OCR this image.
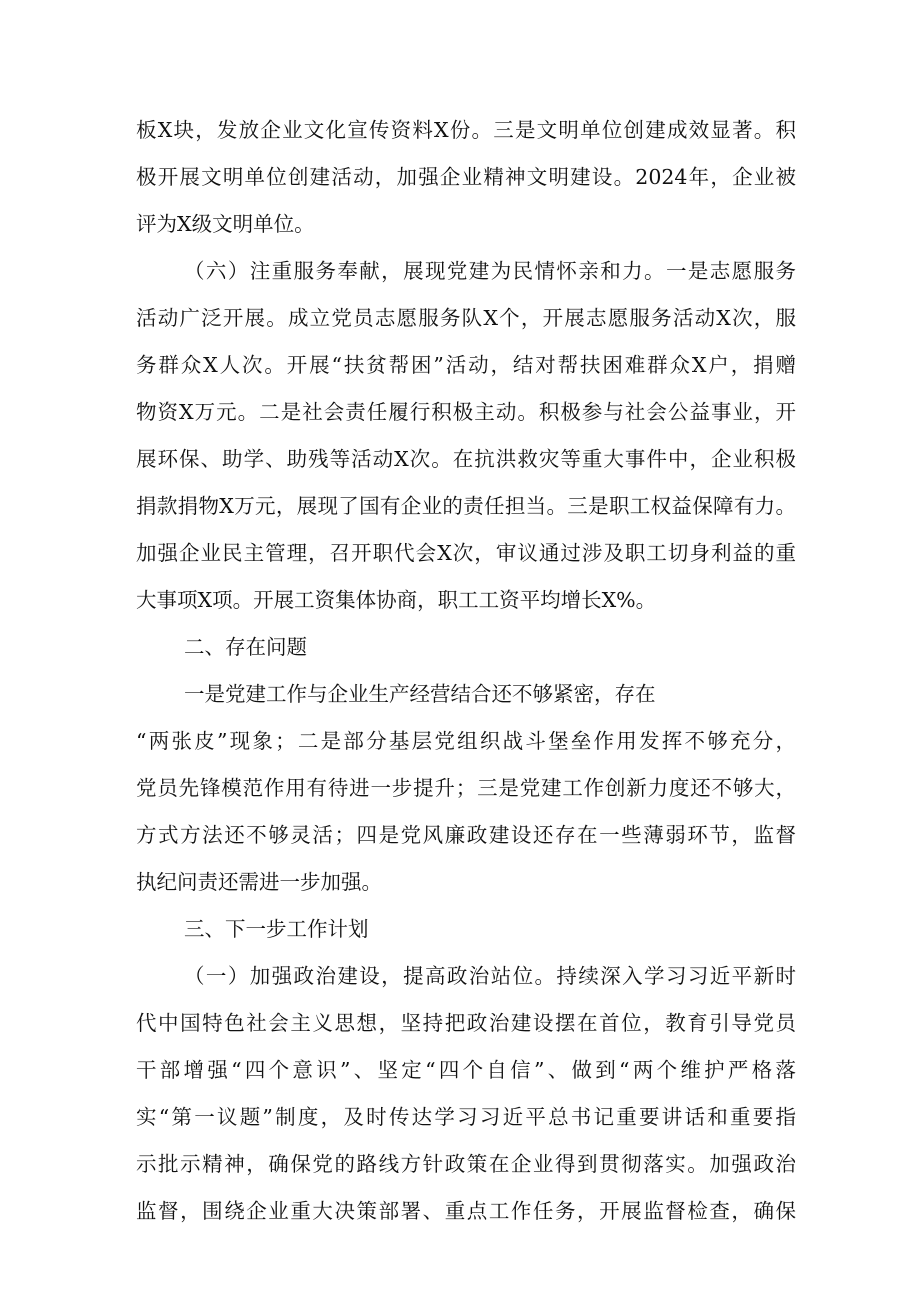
板X块，发放企业文化宣传资料X份。三是文明单位创建成效显著。积
极开展文明单位创建活动，加强企业精神文明建设。2024年，企业被
评为X级文明单位。
（六）注重服务奉献，展现党建为民情怀亲和力。一是志愿服务
活动广泛开展。成立党员志愿服务队X个，开展志愿服务活动X次，服
务群众X人次。开展“扶贫帮困”活动，结对帮扶困难群众X户，捐赠
物资X万元。二是社会责任履行积极主动。积极参与社会公益事业，开
展环保、助学、助残等活动X次。在抗洪救灾等重大事件中，企业积极
捐款捐物X万元，展现了国有企业的责任担当。三是职工权益保障有力。
加强企业民主管理，召开职代会X次，审议通过涉及职工切身利益的重
大事项X项。开展工资集体协商，职工工资平均增长X%。
二、存在问题
一是党建工作与企业生产经营结合还不够紧密，存在
“两张皮”现象；二是部分基层党组织战斗堡垒作用发挥不够充分，
党员先锋模范作用有待进一步提升；三是党建工作创新力度还不够大，
方式方法还不够灵活；四是党风廉政建设还存在一些薄弱环节，监督
执纪问责还需进一步加强。
三、下一步工作计划
（一）加强政治建设，提高政治站位。持续深入学习习近平新时
代中国特色社会主义思想，坚持把政治建设摆在首位，教育引导党员
干部增强“四个意识”、坚定“四个自信”、做到“两个维护严格落
实“第一议题”制度，及时传达学习习近平总书记重要讲话和重要指
示批示精神，确保党的路线方针政策在企业得到贯彻落实。加强政治
监督，围绕企业重大决策部署、重点工作任务，开展监督检查，确保
